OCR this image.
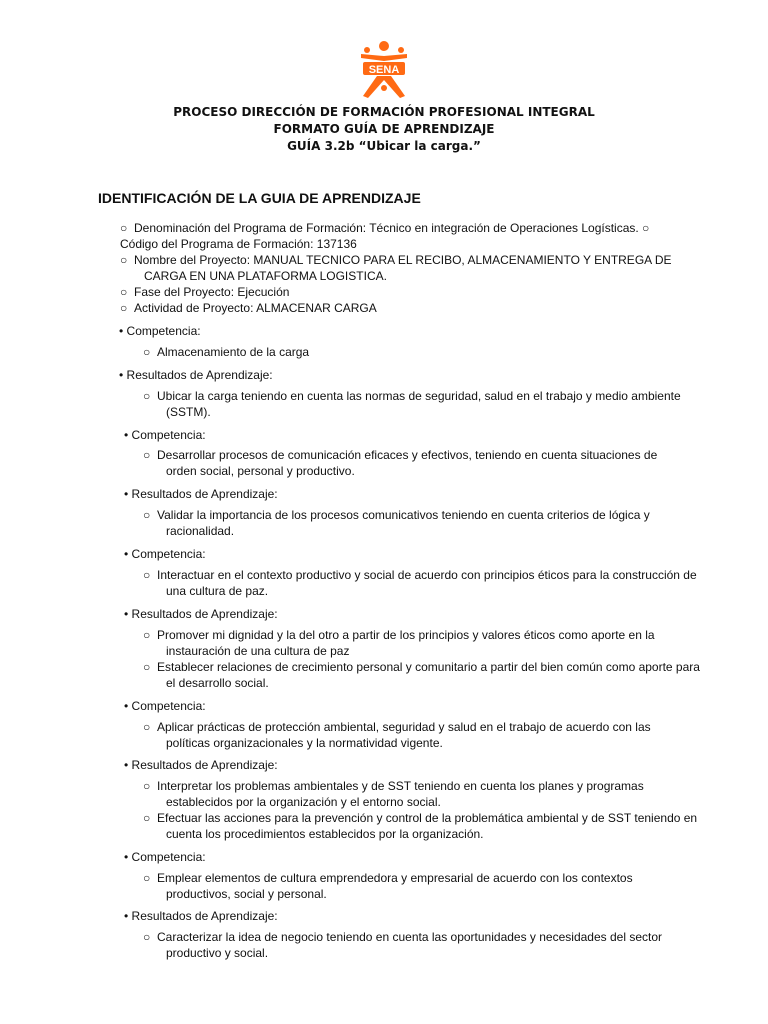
SENA
PROCESO DIRECCIÓN DE FORMACIÓN PROFESIONAL INTEGRAL
FORMATO GUÍA DE APRENDIZAJE
GUÍA 3.2b “Ubicar la carga.”
IDENTIFICACIÓN DE LA GUIA DE APRENDIZAJE
○ Denominación del Programa de Formación: Técnico en integración de Operaciones Logísticas. ○
Código del Programa de Formación: 137136
○ Nombre del Proyecto: MANUAL TECNICO PARA EL RECIBO, ALMACENAMIENTO Y ENTREGA DE
CARGA EN UNA PLATAFORMA LOGISTICA.
○ Fase del Proyecto: Ejecución
○ Actividad de Proyecto: ALMACENAR CARGA
• Competencia:
○ Almacenamiento de la carga
• Resultados de Aprendizaje:
○ Ubicar la carga teniendo en cuenta las normas de seguridad, salud en el trabajo y medio ambiente
(SSTM).
• Competencia:
○ Desarrollar procesos de comunicación eficaces y efectivos, teniendo en cuenta situaciones de
orden social, personal y productivo.
• Resultados de Aprendizaje:
○ Validar la importancia de los procesos comunicativos teniendo en cuenta criterios de lógica y
racionalidad.
• Competencia:
○ Interactuar en el contexto productivo y social de acuerdo con principios éticos para la construcción de
una cultura de paz.
• Resultados de Aprendizaje:
○ Promover mi dignidad y la del otro a partir de los principios y valores éticos como aporte en la
instauración de una cultura de paz
○ Establecer relaciones de crecimiento personal y comunitario a partir del bien común como aporte para
el desarrollo social.
• Competencia:
○ Aplicar prácticas de protección ambiental, seguridad y salud en el trabajo de acuerdo con las
políticas organizacionales y la normatividad vigente.
• Resultados de Aprendizaje:
○ Interpretar los problemas ambientales y de SST teniendo en cuenta los planes y programas
establecidos por la organización y el entorno social.
○ Efectuar las acciones para la prevención y control de la problemática ambiental y de SST teniendo en
cuenta los procedimientos establecidos por la organización.
• Competencia:
○ Emplear elementos de cultura emprendedora y empresarial de acuerdo con los contextos
productivos, social y personal.
• Resultados de Aprendizaje:
○ Caracterizar la idea de negocio teniendo en cuenta las oportunidades y necesidades del sector
productivo y social.
